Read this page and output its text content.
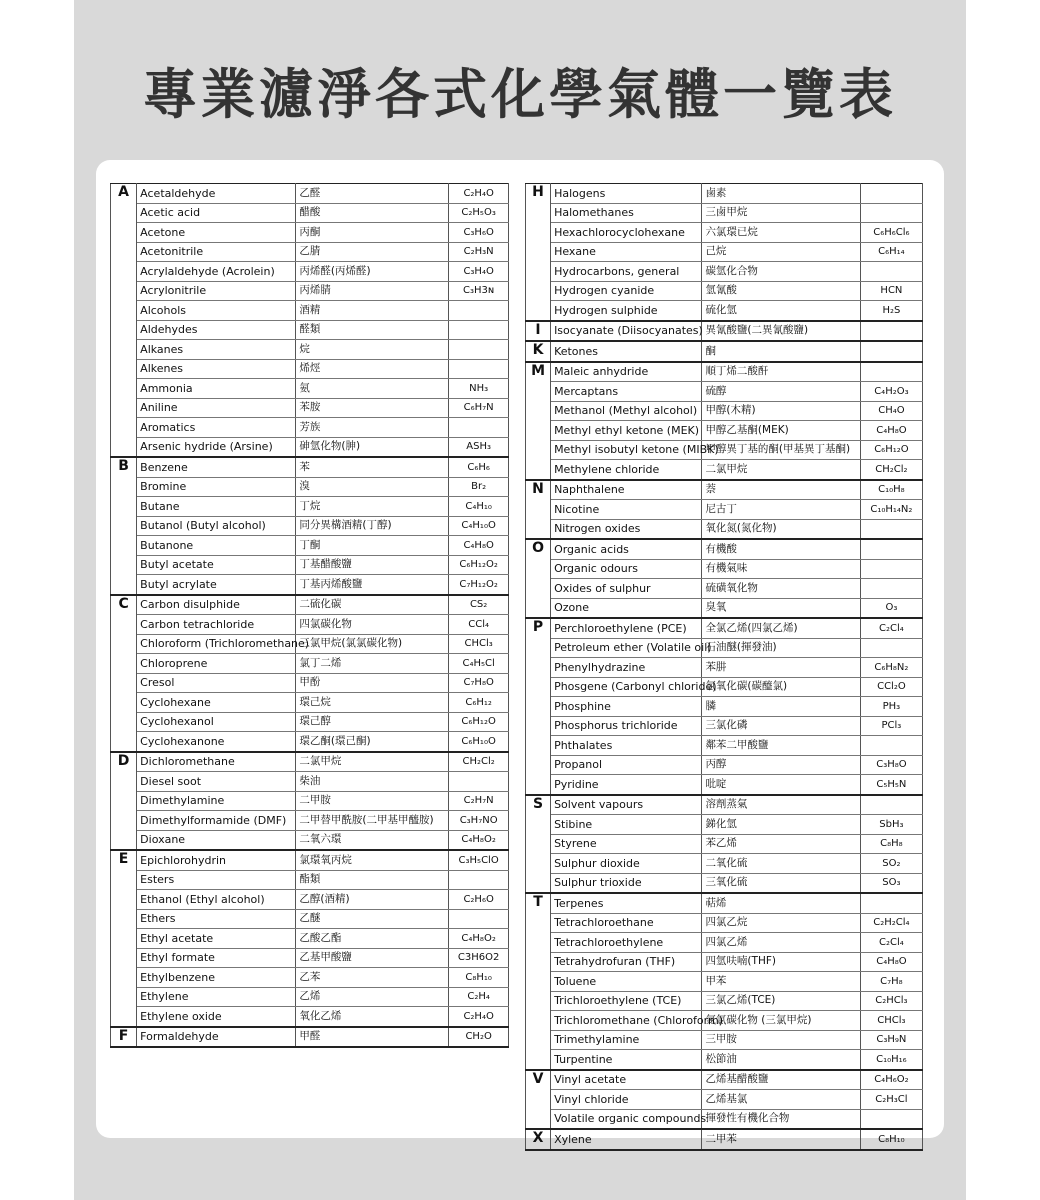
專業濾淨各式化學氣體一覽表
A	Acetaldehyde	乙醛	C₂H₄O
	Acetic acid	醋酸	C₂H₅O₃
	Acetone	丙酮	C₃H₆O
	Acetonitrile	乙腈	C₂H₃N
	Acrylaldehyde (Acrolein)	丙烯醛(丙烯醛)	C₃H₄O
	Acrylonitrile	丙烯腈	C₃H3ɴ
	Alcohols	酒精	
	Aldehydes	醛類	
	Alkanes	烷	
	Alkenes	烯烴	
	Ammonia	氨	NH₃
	Aniline	苯胺	C₆H₇N
	Aromatics	芳族	
	Arsenic hydride (Arsine)	砷氫化物(胂)	ASH₃
B	Benzene	苯	C₆H₆
	Bromine	溴	Br₂
	Butane	丁烷	C₄H₁₀
	Butanol (Butyl alcohol)	同分異構酒精(丁醇)	C₄H₁₀O
	Butanone	丁酮	C₄H₈O
	Butyl acetate	丁基醋酸鹽	C₆H₁₂O₂
	Butyl acrylate	丁基丙烯酸鹽	C₇H₁₂O₂
C	Carbon disulphide	二硫化碳	CS₂
	Carbon tetrachloride	四氯碳化物	CCl₄
	Chloroform (Trichloromethane)	三氯甲烷(氯氯碳化物)	CHCl₃
	Chloroprene	氯丁二烯	C₄H₅Cl
	Cresol	甲酚	C₇H₈O
	Cyclohexane	環己烷	C₆H₁₂
	Cyclohexanol	環己醇	C₆H₁₂O
	Cyclohexanone	環乙酮(環己酮)	C₆H₁₀O
D	Dichloromethane	二氯甲烷	CH₂Cl₂
	Diesel soot	柴油	
	Dimethylamine	二甲胺	C₂H₇N
	Dimethylformamide (DMF)	二甲替甲酰胺(二甲基甲醯胺)	C₃H₇NO
	Dioxane	二氧六環	C₄H₈O₂
E	Epichlorohydrin	氯環氧丙烷	C₃H₅ClO
	Esters	酯類	
	Ethanol (Ethyl alcohol)	乙醇(酒精)	C₂H₆O
	Ethers	乙醚	
	Ethyl acetate	乙酸乙酯	C₄H₈O₂
	Ethyl formate	乙基甲酸鹽	C3H6O2
	Ethylbenzene	乙苯	C₈H₁₀
	Ethylene	乙烯	C₂H₄
	Ethylene oxide	氧化乙烯	C₂H₄O
F	Formaldehyde	甲醛	CH₂O
H	Halogens	鹵素	
	Halomethanes	三鹵甲烷	
	Hexachlorocyclohexane	六氯環已烷	C₆H₆Cl₆
	Hexane	己烷	C₆H₁₄
	Hydrocarbons, general	碳氫化合物	
	Hydrogen cyanide	氫氰酸	HCN
	Hydrogen sulphide	硫化氫	H₂S
I	Isocyanate (Diisocyanates)	異氰酸鹽(二異氰酸鹽)	
K	Ketones	酮	
M	Maleic anhydride	順丁烯二酸酐	
	Mercaptans	硫醇	C₄H₂O₃
	Methanol (Methyl alcohol)	甲醇(木精)	CH₄O
	Methyl ethyl ketone (MEK)	甲醇乙基酮(MEK)	C₄H₈O
	Methyl isobutyl ketone (MIBK)	甲醇異丁基的酮(甲基異丁基酮)	C₆H₁₂O
	Methylene chloride	二氯甲烷	CH₂Cl₂
N	Naphthalene	萘	C₁₀H₈
	Nicotine	尼古丁	C₁₀H₁₄N₂
	Nitrogen oxides	氧化氮(氮化物)	
O	Organic acids	有機酸	
	Organic odours	有機氣味	
	Oxides of sulphur	硫磺氧化物	
	Ozone	臭氧	O₃
P	Perchloroethylene (PCE)	全氯乙烯(四氯乙烯)	C₂Cl₄
	Petroleum ether (Volatile oil)	石油醚(揮發油)	
	Phenylhydrazine	苯肼	C₆H₈N₂
	Phosgene (Carbonyl chloride)	氯氧化碳(碳醯氯)	CCl₂O
	Phosphine	膦	PH₃
	Phosphorus trichloride	三氯化磷	PCl₃
	Phthalates	鄰苯二甲酸鹽	
	Propanol	丙醇	C₃H₈O
	Pyridine	吡啶	C₅H₅N
S	Solvent vapours	溶劑蒸氣	
	Stibine	銻化氫	SbH₃
	Styrene	苯乙烯	C₈H₈
	Sulphur dioxide	二氧化硫	SO₂
	Sulphur trioxide	三氧化硫	SO₃
T	Terpenes	萜烯	
	Tetrachloroethane	四氯乙烷	C₂H₂Cl₄
	Tetrachloroethylene	四氯乙烯	C₂Cl₄
	Tetrahydrofuran (THF)	四氫呋喃(THF)	C₄H₈O
	Toluene	甲苯	C₇H₈
	Trichloroethylene (TCE)	三氯乙烯(TCE)	C₂HCl₃
	Trichloromethane (Chloroform)	氯氯碳化物 (三氯甲烷)	CHCl₃
	Trimethylamine	三甲胺	C₃H₉N
	Turpentine	松節油	C₁₀H₁₆
V	Vinyl acetate	乙烯基醋酸鹽	C₄H₆O₂
	Vinyl chloride	乙烯基氯	C₂H₃Cl
	Volatile organic compounds	揮發性有機化合物	
X	Xylene	二甲苯	C₈H₁₀
